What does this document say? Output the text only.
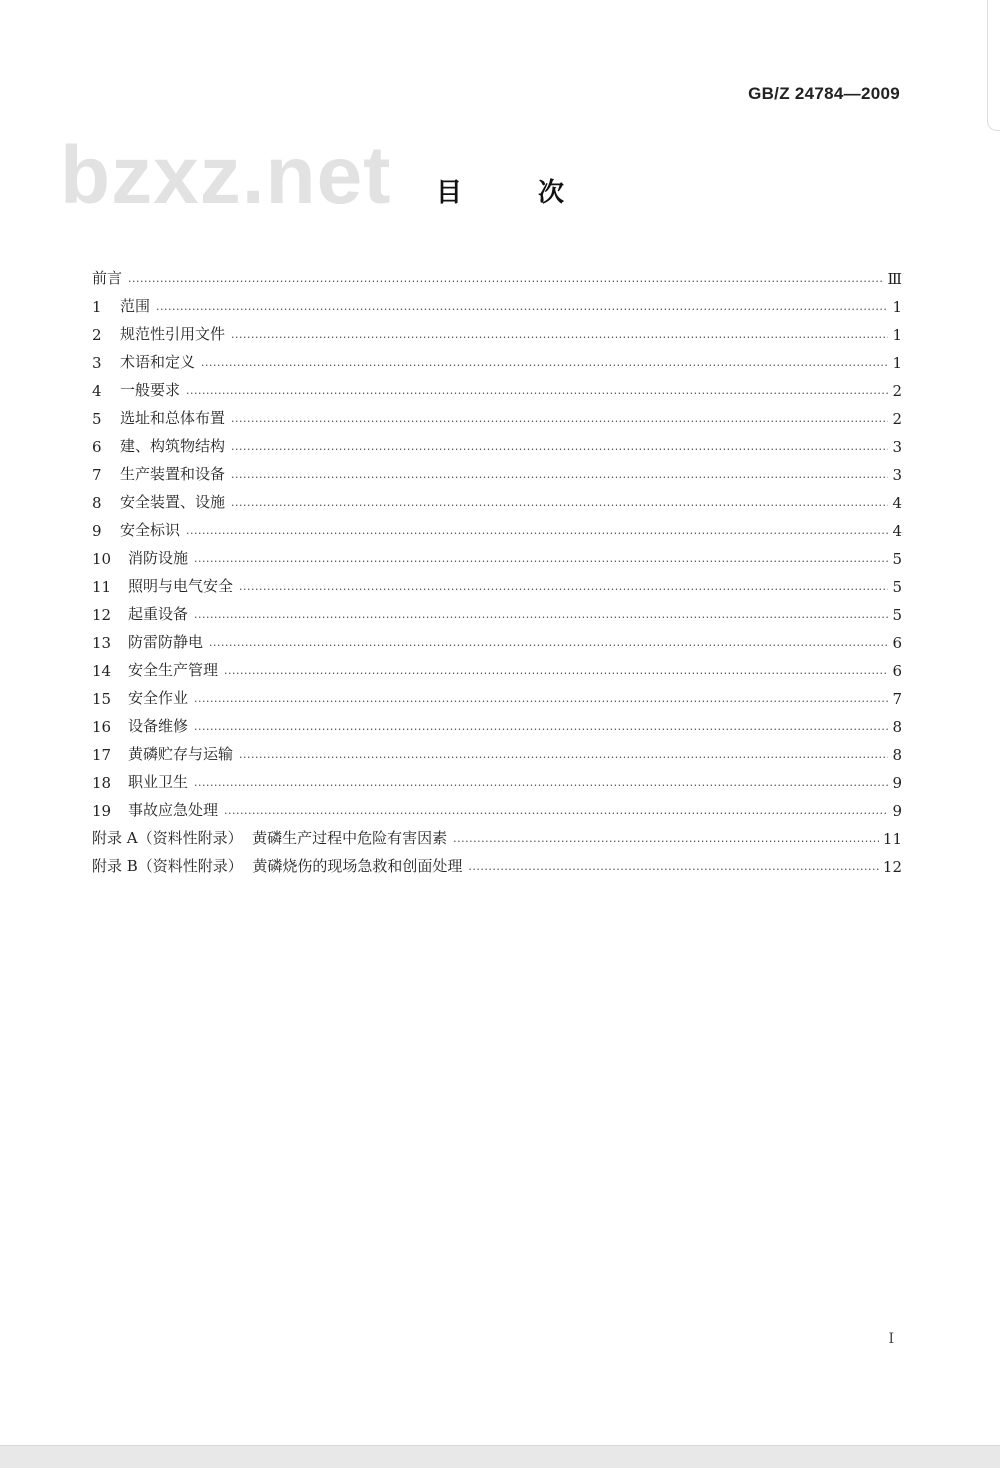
GB/Z 24784—2009
bzxz.net	目	次
前言 ·····	Ⅲ
1	范围 ·····	1
2	规范性引用文件 ·····	1
3	术语和定义 ·····	1
4	一般要求 ·····	2
5	选址和总体布置 ·····	2
6	建、构筑物结构 ·····	3
7	生产装置和设备 ·····	3
8	安全装置、设施 ·····	4
9	安全标识 ·····	4
10	消防设施 ·····	5
11	照明与电气安全 ·····	5
12	起重设备 ·····	5
13	防雷防静电 ·····	6
14	安全生产管理 ·····	6
15	安全作业 ·····	7
16	设备维修 ·····	8
17	黄磷贮存与运输 ·····	8
18	职业卫生 ·····	9
19	事故应急处理 ·····	9
附录 A（资料性附录）  黄磷生产过程中危险有害因素 ·····	11
附录 B（资料性附录）  黄磷烧伤的现场急救和创面处理 ·····	12
I
